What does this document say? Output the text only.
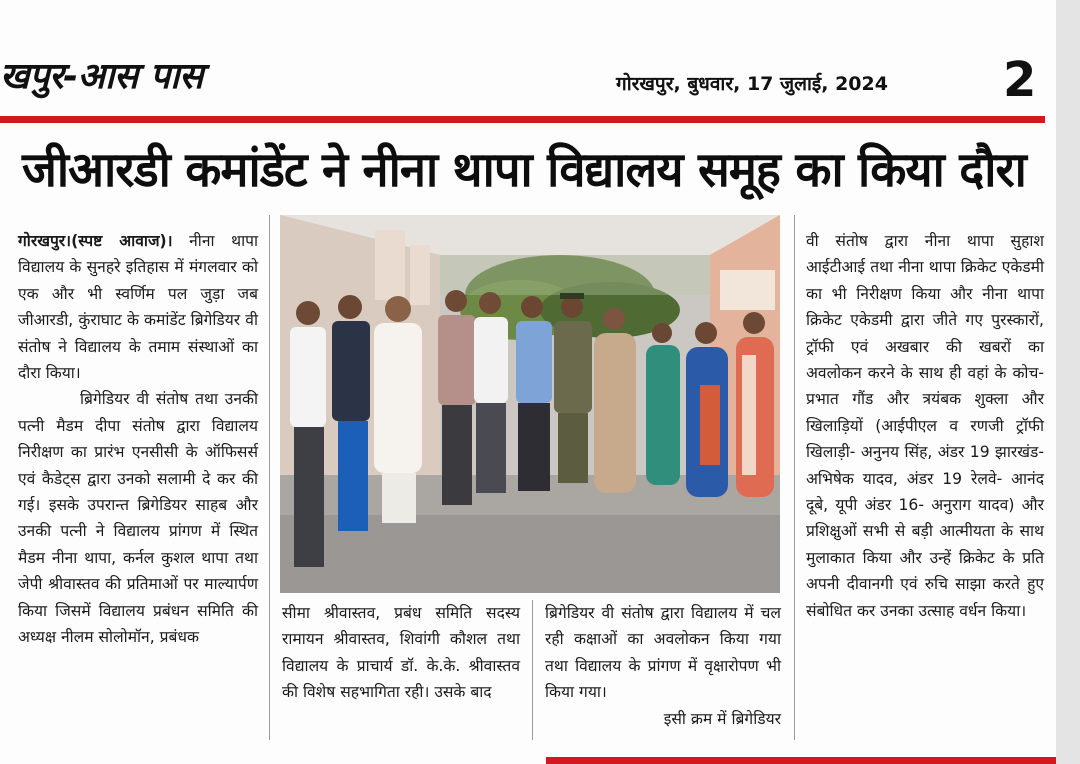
खपुर-आस पास	गोरखपुर, बुधवार, 17 जुलाई, 2024 2
जीआरडी कमांडेंट ने नीना थापा विद्यालय समूह का किया दौरा

गोरखपुर।(स्पष्ट आवाज)। नीना थापा विद्यालय के सुनहरे इतिहास में मंगलवार को एक और भी स्वर्णिम पल जुड़ा जब जीआरडी, कुंराघाट के कमांडेंट ब्रिगेडियर वी संतोष ने विद्यालय के तमाम संस्थाओं का दौरा किया।

ब्रिगेडियर वी संतोष तथा उनकी पत्नी मैडम दीपा संतोष द्वारा विद्यालय निरीक्षण का प्रारंभ एनसीसी के ऑफिसर्स एवं कैडेट्स द्वारा उनको सलामी दे कर की गई। इसके उपरान्त ब्रिगेडियर साहब और उनकी पत्नी ने विद्यालय प्रांगण में स्थित मैडम नीना थापा, कर्नल कुशल थापा तथा जेपी श्रीवास्तव की प्रतिमाओं पर माल्यार्पण किया जिसमें विद्यालय प्रबंधन समिति की अध्यक्ष नीलम सोलोमॉन, प्रबंधक

सीमा श्रीवास्तव, प्रबंध समिति सदस्य रामायन श्रीवास्तव, शिवांगी कौशल तथा विद्यालय के प्राचार्य डॉ. के.के. श्रीवास्तव की विशेष सहभागिता रही। उसके बाद

ब्रिगेडियर वी संतोष द्वारा विद्यालय में चल रही कक्षाओं का अवलोकन किया गया तथा विद्यालय के प्रांगण में वृक्षारोपण भी किया गया।

इसी क्रम में ब्रिगेडियर

वी संतोष द्वारा नीना थापा सुहाश आईटीआई तथा नीना थापा क्रिकेट एकेडमी का भी निरीक्षण किया और नीना थापा क्रिकेट एकेडमी द्वारा जीते गए पुरस्कारों, ट्रॉफी एवं अखबार की खबरों का अवलोकन करने के साथ ही वहां के कोच-प्रभात गौंड और त्रयंबक शुक्ला और खिलाड़ियों (आईपीएल व रणजी ट्रॉफी खिलाड़ी- अनुनय सिंह, अंडर 19 झारखंड- अभिषेक यादव, अंडर 19 रेलवे- आनंद दूबे, यूपी अंडर 16- अनुराग यादव) और प्रशिक्षुओं सभी से बड़ी आत्मीयता के साथ मुलाकात किया और उन्हें क्रिकेट के प्रति अपनी दीवानगी एवं रुचि साझा करते हुए संबोधित कर उनका उत्साह वर्धन किया।
